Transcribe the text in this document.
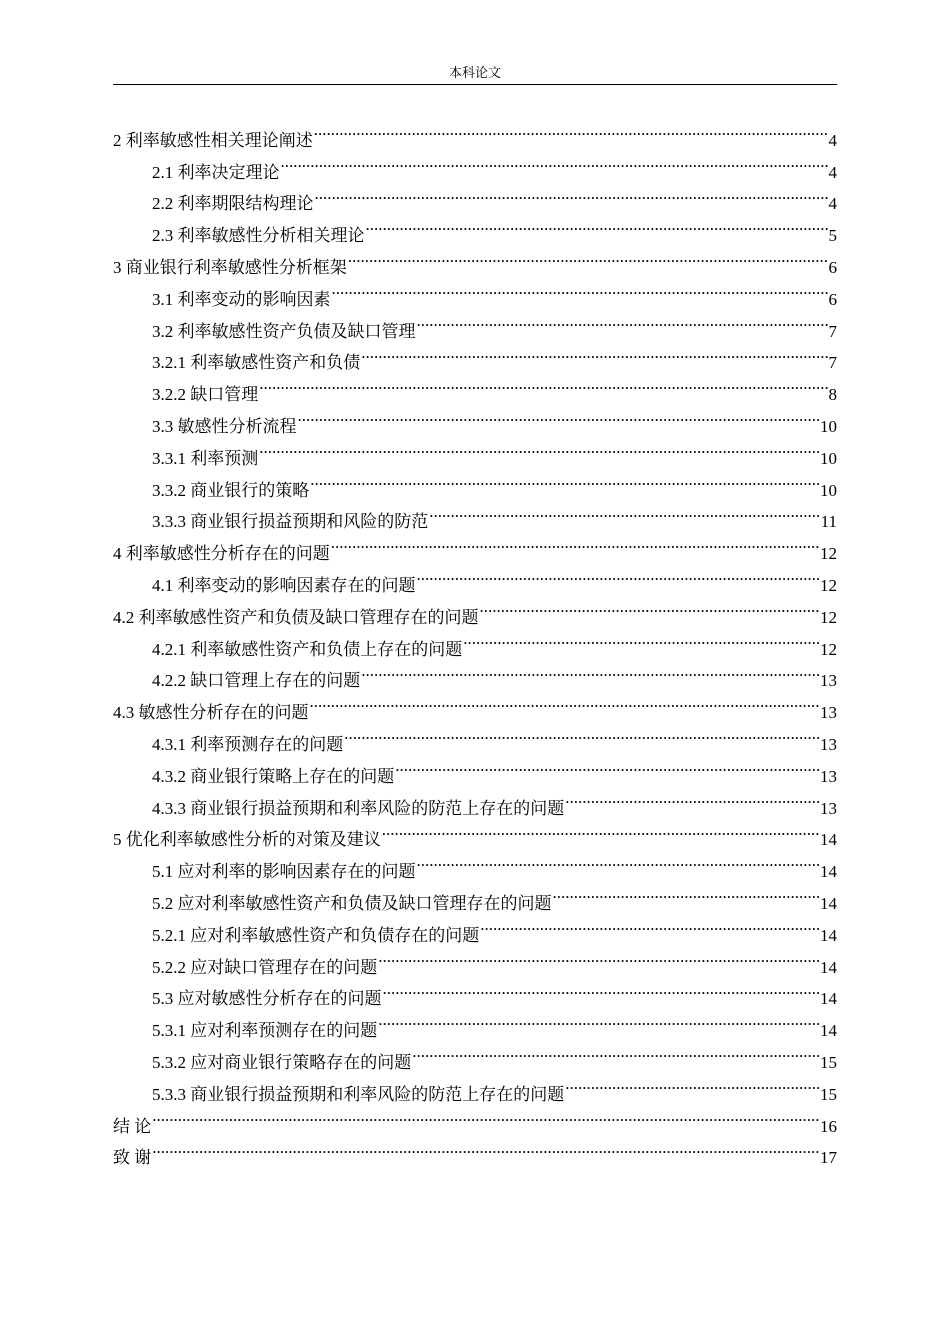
本科论文
2 利率敏感性相关理论阐述 .....	4
2.1 利率决定理论 .....	4
2.2 利率期限结构理论 .....	4
2.3 利率敏感性分析相关理论 .....	5
3 商业银行利率敏感性分析框架 .....	6
3.1 利率变动的影响因素 .....	6
3.2 利率敏感性资产负债及缺口管理 .....	7
3.2.1 利率敏感性资产和负债 .....	7
3.2.2 缺口管理 .....	8
3.3 敏感性分析流程 .....	10
3.3.1 利率预测 .....	10
3.3.2 商业银行的策略 .....	10
3.3.3 商业银行损益预期和风险的防范 .....	11
4 利率敏感性分析存在的问题 .....	12
4.1 利率变动的影响因素存在的问题 .....	12
4.2 利率敏感性资产和负债及缺口管理存在的问题 .....	12
4.2.1 利率敏感性资产和负债上存在的问题 .....	12
4.2.2 缺口管理上存在的问题 .....	13
4.3 敏感性分析存在的问题 .....	13
4.3.1 利率预测存在的问题 .....	13
4.3.2 商业银行策略上存在的问题 .....	13
4.3.3 商业银行损益预期和利率风险的防范上存在的问题 .....	13
5 优化利率敏感性分析的对策及建议 .....	14
5.1 应对利率的影响因素存在的问题 .....	14
5.2 应对利率敏感性资产和负债及缺口管理存在的问题 .....	14
5.2.1 应对利率敏感性资产和负债存在的问题 .....	14
5.2.2 应对缺口管理存在的问题 .....	14
5.3 应对敏感性分析存在的问题 .....	14
5.3.1 应对利率预测存在的问题 .....	14
5.3.2 应对商业银行策略存在的问题 .....	15
5.3.3 商业银行损益预期和利率风险的防范上存在的问题 .....	15
结 论 .....	16
致 谢 .....	17
